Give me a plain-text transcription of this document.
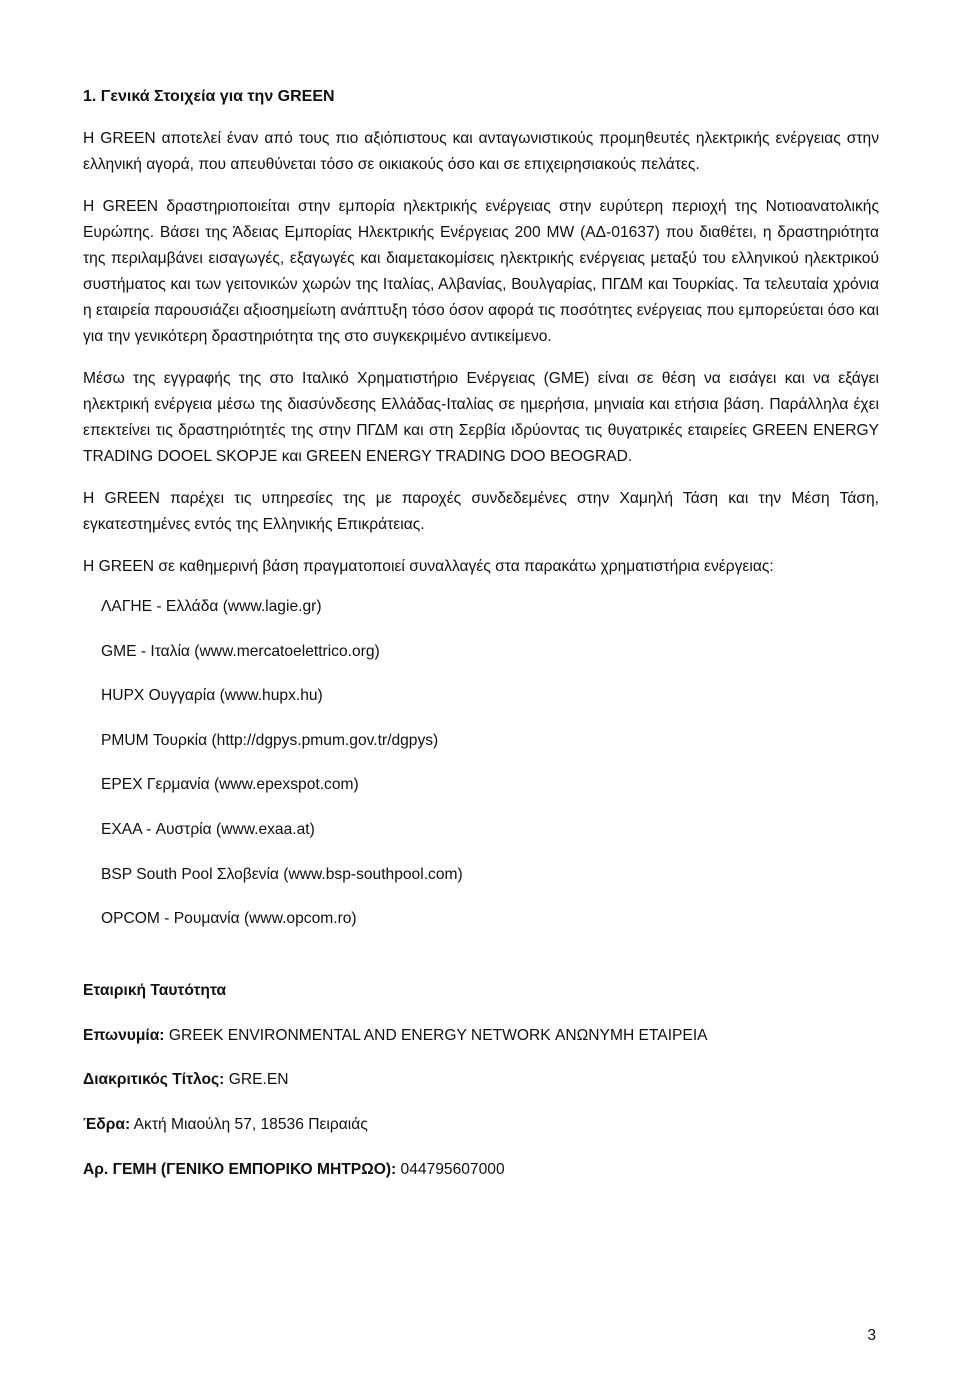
1. Γενικά Στοιχεία για την GREEN

Η GREEN αποτελεί έναν από τους πιο αξιόπιστους και ανταγωνιστικούς προμηθευτές ηλεκτρικής ενέργειας στην ελληνική αγορά, που απευθύνεται τόσο σε οικιακούς όσο και σε επιχειρησιακούς πελάτες.

Η GREEN δραστηριοποιείται στην εμπορία ηλεκτρικής ενέργειας στην ευρύτερη περιοχή της Νοτιοανατολικής Ευρώπης. Βάσει της Άδειας Εμπορίας Ηλεκτρικής Ενέργειας 200 MW (ΑΔ-01637) που διαθέτει, η δραστηριότητα της περιλαμβάνει εισαγωγές, εξαγωγές και διαμετακομίσεις ηλεκτρικής ενέργειας μεταξύ του ελληνικού ηλεκτρικού συστήματος και των γειτονικών χωρών της Ιταλίας, Αλβανίας, Βουλγαρίας, ΠΓΔΜ και Τουρκίας. Τα τελευταία χρόνια η εταιρεία παρουσιάζει αξιοσημείωτη ανάπτυξη τόσο όσον αφορά τις ποσότητες ενέργειας που εμπορεύεται όσο και για την γενικότερη δραστηριότητα της στο συγκεκριμένο αντικείμενο.

Μέσω της εγγραφής της στο Ιταλικό Χρηματιστήριο Ενέργειας (GME) είναι σε θέση να εισάγει και να εξάγει ηλεκτρική ενέργεια μέσω της διασύνδεσης Ελλάδας-Ιταλίας σε ημερήσια, μηνιαία και ετήσια βάση. Παράλληλα έχει επεκτείνει τις δραστηριότητές της στην ΠΓΔΜ και στη Σερβία ιδρύοντας τις θυγατρικές εταιρείες GREEN ENERGY TRADING DOOEL SKOPJE και GREEN ENERGY TRADING DOO BEOGRAD.

Η GREEN παρέχει τις υπηρεσίες της με παροχές συνδεδεμένες στην Χαμηλή Τάση και την Μέση Τάση, εγκατεστημένες εντός της Ελληνικής Επικράτειας.

Η GREEN σε καθημερινή βάση πραγματοποιεί συναλλαγές στα παρακάτω χρηματιστήρια ενέργειας:

ΛΑΓΗΕ - Ελλάδα (www.lagie.gr)
GME - Ιταλία (www.mercatoelettrico.org)
HUPX Ουγγαρία (www.hupx.hu)
PMUM Τουρκία (http://dgpys.pmum.gov.tr/dgpys)
EPEX Γερμανία (www.epexspot.com)
EXAA - Αυστρία (www.exaa.at)
BSP South Pool Σλοβενία (www.bsp-southpool.com)
OPCOM - Ρουμανία (www.opcom.ro)
Εταιρική Ταυτότητα
Επωνυμία: GREEK ENVIRONMENTAL AND ENERGY NETWORK ΑΝΩΝΥΜΗ ΕΤΑΙΡΕΙΑ
Διακριτικός Τίτλος: GRE.EN
Έδρα: Ακτή Μιαούλη 57, 18536 Πειραιάς
Αρ. ΓΕΜΗ (ΓΕΝΙΚΟ ΕΜΠΟΡΙΚΟ ΜΗΤΡΩΟ): 044795607000
3
